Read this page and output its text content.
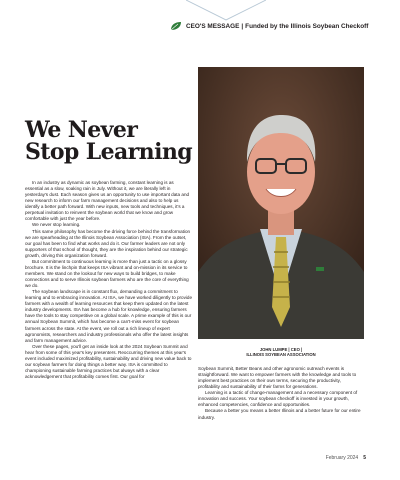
CEO'S MESSAGE | Funded by the Illinois Soybean Checkoff
JOHN LUMPE | CEO |
ILLINOIS SOYBEAN ASSOCIATION
We Never
Stop Learning

In an industry as dynamic as soybean farming, constant learning is as essential as a slow, soaking rain in July. Without it, we are literally left in yesterday's dust. Each season gives us an opportunity to use important data and new research to inform our farm management decisions and also to help us identify a better path forward. With new inputs, new tools and techniques, it's a perpetual invitation to reinvent the soybean world that we know and grow comfortable with just the year before.

We never stop learning.

This same philosophy has become the driving force behind the transformation we are spearheading at the Illinois Soybean Association (ISA). From the outset, our goal has been to find what works and do it. Our farmer leaders are not only supporters of that school of thought, they are the inspiration behind our strategic growth, driving this organization forward.

But commitment to continuous learning is more than just a tactic on a glossy brochure. It is the linchpin that keeps ISA vibrant and on-mission in its service to members. We stand on the lookout for new ways to build bridges, to make connections and to serve Illinois soybean farmers who are the core of everything we do.

The soybean landscape is in constant flux, demanding a commitment to learning and to embracing innovation. At ISA, we have worked diligently to provide farmers with a wealth of learning resources that keep them updated on the latest industry developments. ISA has become a hub for knowledge, ensuring farmers have the tools to stay competitive on a global scale. A prime example of this is our annual Soybean Summit, which has become a can't-miss event for soybean farmers across the state. At the event, we roll out a rich lineup of expert agronomists, researchers and industry professionals who offer the latest insights and farm management advice.

Over these pages, you'll get an inside look at the 2024 Soybean Summit and hear from some of this year's key presenters. Reoccurring themes at this year's event included maximized profitability, sustainability and driving new value back to our soybean farmers for doing things a better way. ISA is committed to championing sustainable farming practices but always with a clear acknowledgement that profitability comes first. Our goal for

Soybean Summit, Better Beans and other agronomic outreach events is straightforward. We want to empower farmers with the knowledge and tools to implement best practices on their own terms, securing the productivity, profitability and sustainability of their farms for generations.

Learning is a tactic of change-management and a necessary component of innovation and success. Your soybean checkoff is invested in your growth, enhanced competencies, confidence and opportunities.

Because a better you means a better Illinois and a better future for our entire industry.

February 2024 5
